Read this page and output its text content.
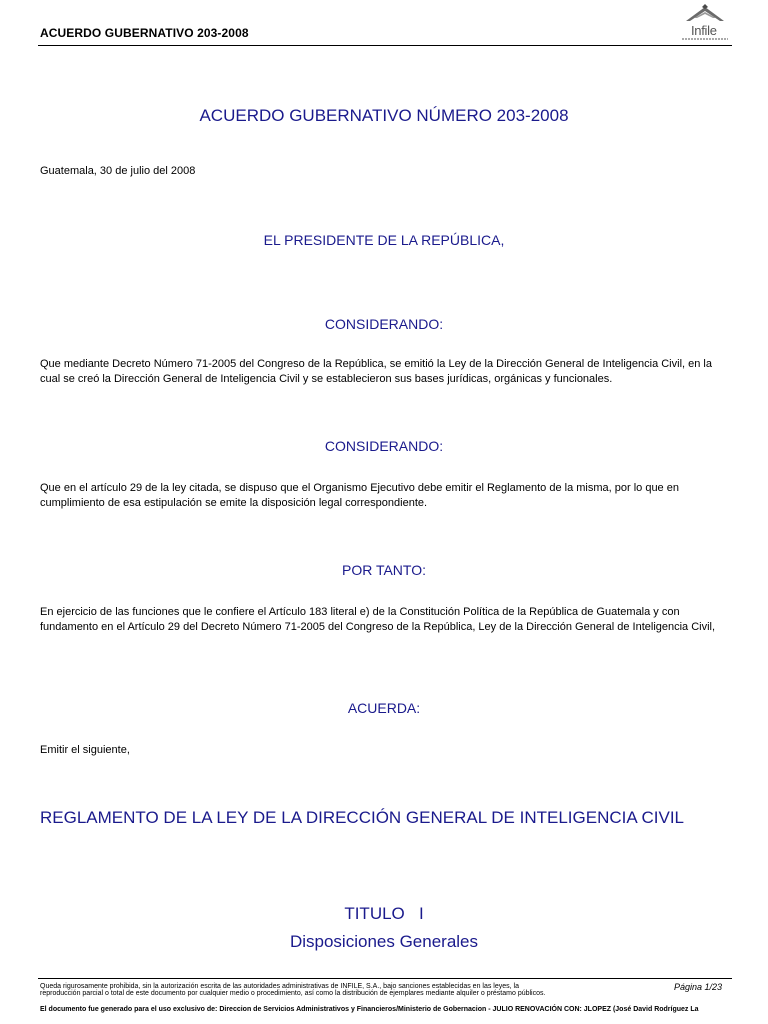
ACUERDO GUBERNATIVO 203-2008	Infile
ACUERDO GUBERNATIVO NÚMERO 203-2008
Guatemala, 30 de julio del 2008
EL PRESIDENTE DE LA REPÚBLICA,
CONSIDERANDO:
Que mediante Decreto Número 71-2005 del Congreso de la República, se emitió la Ley de la Dirección General de Inteligencia Civil, en la cual se creó la Dirección General de Inteligencia Civil y se establecieron sus bases jurídicas, orgánicas y funcionales.
CONSIDERANDO:
Que en el artículo 29 de la ley citada, se dispuso que el Organismo Ejecutivo debe emitir el Reglamento de la misma, por lo que en cumplimiento de esa estipulación se emite la disposición legal correspondiente.
POR TANTO:
En ejercicio de las funciones que le confiere el Artículo 183 literal e) de la Constitución Política de la República de Guatemala y con fundamento en el Artículo 29 del Decreto Número 71-2005 del Congreso de la República, Ley de la Dirección General de Inteligencia Civil,
ACUERDA:
Emitir el siguiente,
REGLAMENTO DE LA LEY DE LA DIRECCIÓN GENERAL DE INTELIGENCIA CIVIL
TITULO   I
Disposiciones Generales
Queda rigurosamente prohibida, sin la autorización escrita de las autoridades administrativas de INFILE, S.A., bajo sanciones establecidas en las leyes, la reproducción parcial o total de este documento por cualquier medio o procedimiento, así como la distribución de ejemplares mediante alquiler o préstamo públicos.
Página 1/23
El documento fue generado para el uso exclusivo de: Direccion de Servicios Administrativos y Financieros/Ministerio de Gobernacion - JULIO RENOVACIÓN CON: JLOPEZ (José David Rodríguez La
